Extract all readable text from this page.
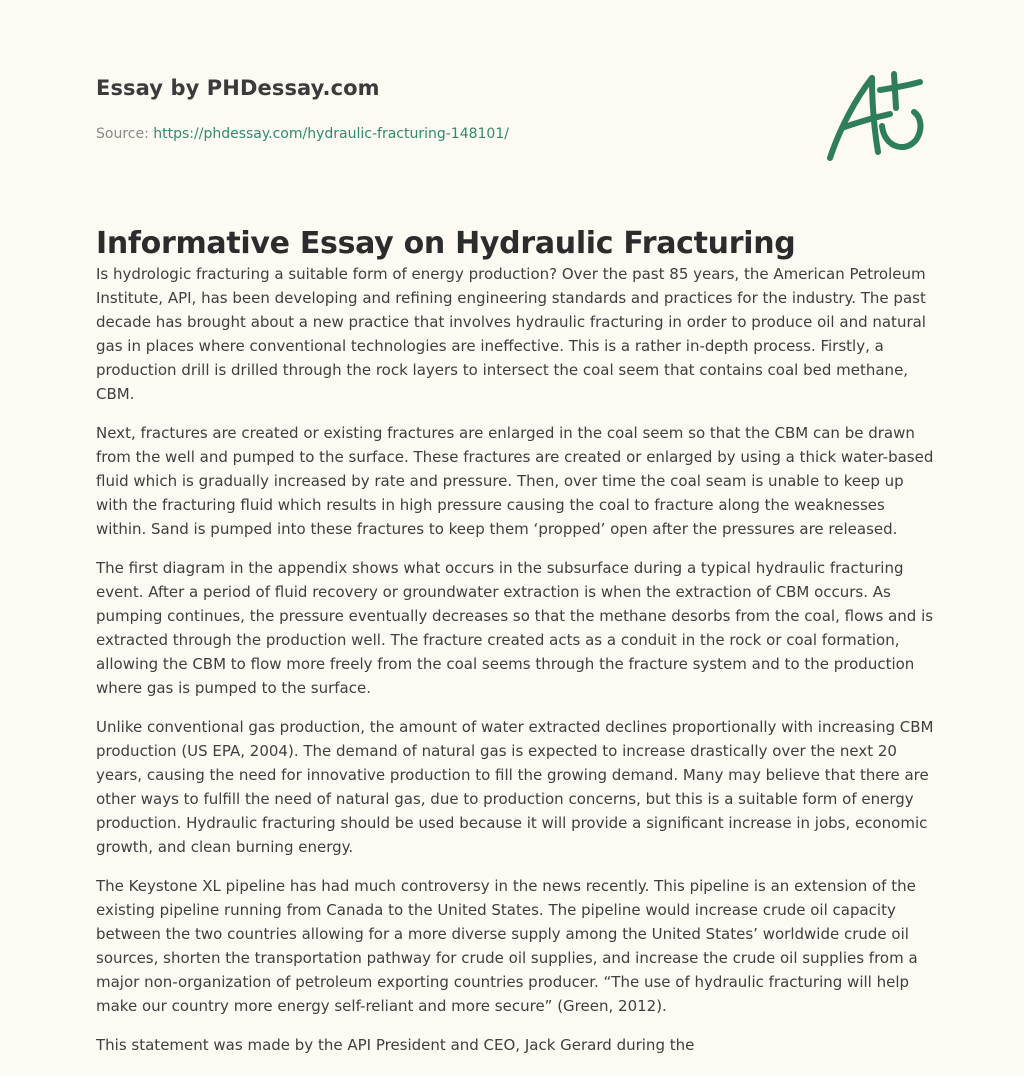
Essay by PHDessay.com
Source: https://phdessay.com/hydraulic-fracturing-148101/
Informative Essay on Hydraulic Fracturing

Is hydrologic fracturing a suitable form of energy production? Over the past 85 years, the American Petroleum Institute, API, has been developing and refining engineering standards and practices for the industry. The past decade has brought about a new practice that involves hydraulic fracturing in order to produce oil and natural gas in places where conventional technologies are ineffective. This is a rather in-depth process. Firstly, a production drill is drilled through the rock layers to intersect the coal seem that contains coal bed methane, CBM.

Next, fractures are created or existing fractures are enlarged in the coal seem so that the CBM can be drawn from the well and pumped to the surface. These fractures are created or enlarged by using a thick water-based fluid which is gradually increased by rate and pressure. Then, over time the coal seam is unable to keep up with the fracturing fluid which results in high pressure causing the coal to fracture along the weaknesses within. Sand is pumped into these fractures to keep them ‘propped’ open after the pressures are released.

The first diagram in the appendix shows what occurs in the subsurface during a typical hydraulic fracturing event. After a period of fluid recovery or groundwater extraction is when the extraction of CBM occurs. As pumping continues, the pressure eventually decreases so that the methane desorbs from the coal, flows and is extracted through the production well. The fracture created acts as a conduit in the rock or coal formation, allowing the CBM to flow more freely from the coal seems through the fracture system and to the production where gas is pumped to the surface.

Unlike conventional gas production, the amount of water extracted declines proportionally with increasing CBM production (US EPA, 2004). The demand of natural gas is expected to increase drastically over the next 20 years, causing the need for innovative production to fill the growing demand. Many may believe that there are other ways to fulfill the need of natural gas, due to production concerns, but this is a suitable form of energy production. Hydraulic fracturing should be used because it will provide a significant increase in jobs, economic growth, and clean burning energy.

The Keystone XL pipeline has had much controversy in the news recently. This pipeline is an extension of the existing pipeline running from Canada to the United States. The pipeline would increase crude oil capacity between the two countries allowing for a more diverse supply among the United States’ worldwide crude oil sources, shorten the transportation pathway for crude oil supplies, and increase the crude oil supplies from a major non-organization of petroleum exporting countries producer. “The use of hydraulic fracturing will help make our country more energy self-reliant and more secure” (Green, 2012).

This statement was made by the API President and CEO, Jack Gerard during the
